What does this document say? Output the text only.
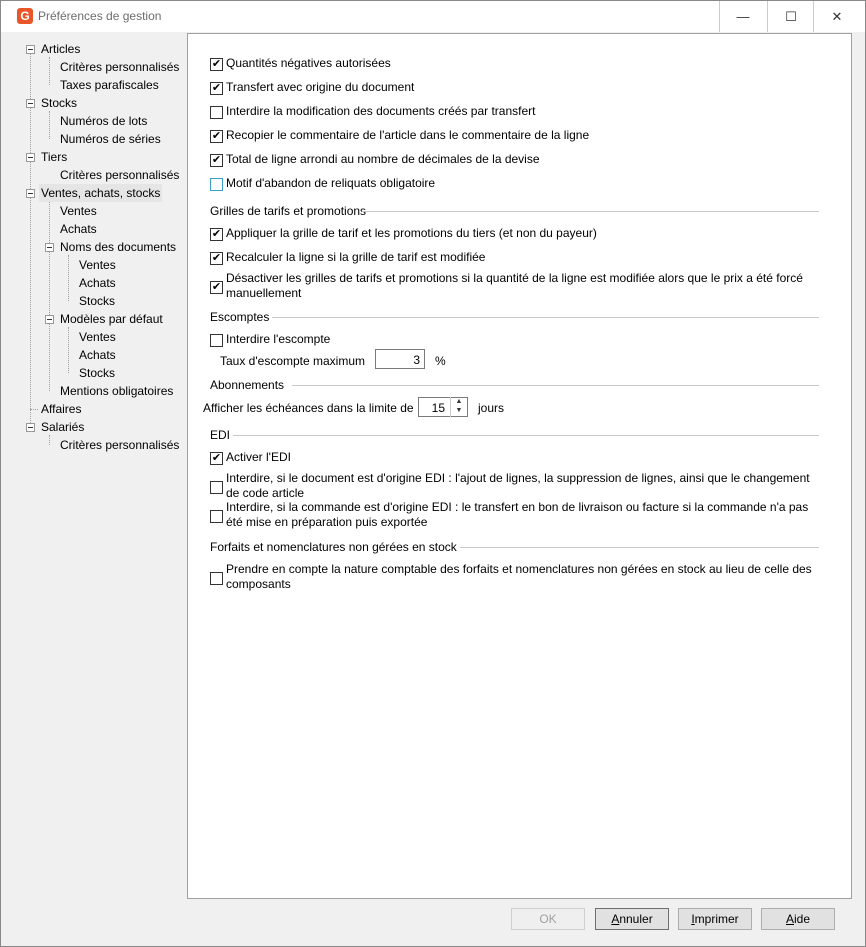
G Préférences de gestion	—	☐	✕
Articles
Critères personnalisés
Taxes parafiscales
Stocks
Numéros de lots
Numéros de séries
Tiers
Critères personnalisés
Ventes, achats, stocks
Ventes
Achats
Noms des documents
Ventes
Achats
Stocks
Modèles par défaut
Ventes
Achats
Stocks
Mentions obligatoires
Affaires
Salariés
Critères personnalisés
✔ Quantités négatives autorisées
✔ Transfert avec origine du document
Interdire la modification des documents créés par transfert
✔ Recopier le commentaire de l'article dans le commentaire de la ligne
✔ Total de ligne arrondi au nombre de décimales de la devise
Motif d'abandon de reliquats obligatoire
Grilles de tarifs et promotions
✔ Appliquer la grille de tarif et les promotions du tiers (et non du payeur)
✔ Recalculer la ligne si la grille de tarif est modifiée
✔
Désactiver les grilles de tarifs et promotions si la quantité de la ligne est modifiée alors que le prix a été forcé manuellement
Escomptes
Interdire l'escompte
Taux d'escompte maximum	3	%
Abonnements
Afficher les échéances dans la limite de	15	▲
▼	jours
EDI
✔ Activer l'EDI
Interdire, si le document est d'origine EDI : l'ajout de lignes, la suppression de lignes, ainsi que le changement de code article
Interdire, si la commande est d'origine EDI : le transfert en bon de livraison ou facture si la commande n'a pas été mise en préparation puis exportée
Forfaits et nomenclatures non gérées en stock
Prendre en compte la nature comptable des forfaits et nomenclatures non gérées en stock au lieu de celle des composants
OK	Annuler	Imprimer	Aide
